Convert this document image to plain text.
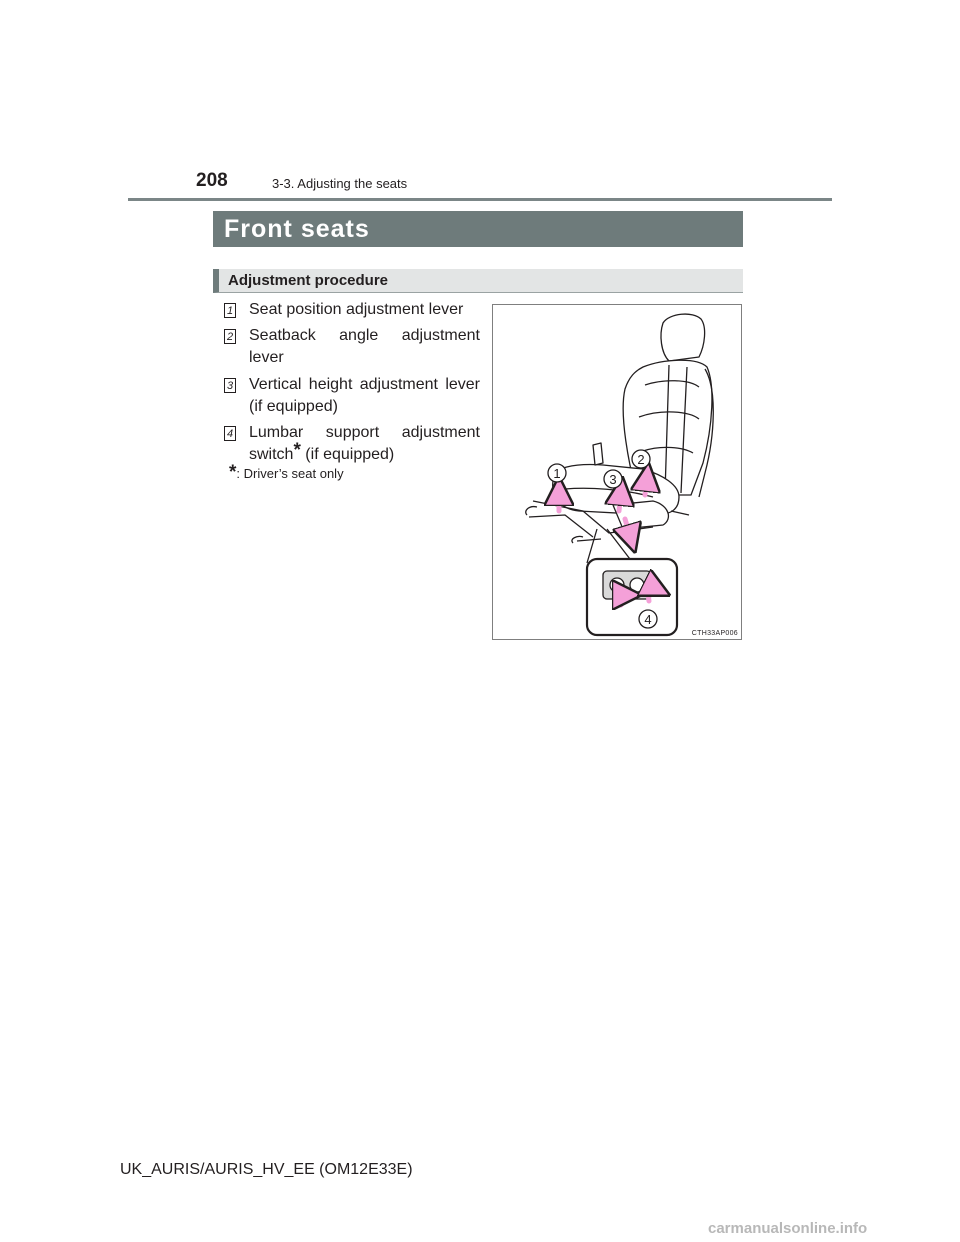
208	3-3. Adjusting the seats
Front seats
Adjustment procedure
1 Seat position adjustment lever
2 Seatback angle adjustment lever
3 Vertical height adjustment lever (if equipped)
4 Lumbar support adjustment switch* (if equipped)
*: Driver’s seat only	1
2
3
4
CTH33AP006
UK_AURIS/AURIS_HV_EE (OM12E33E)
carmanualsonline.info
